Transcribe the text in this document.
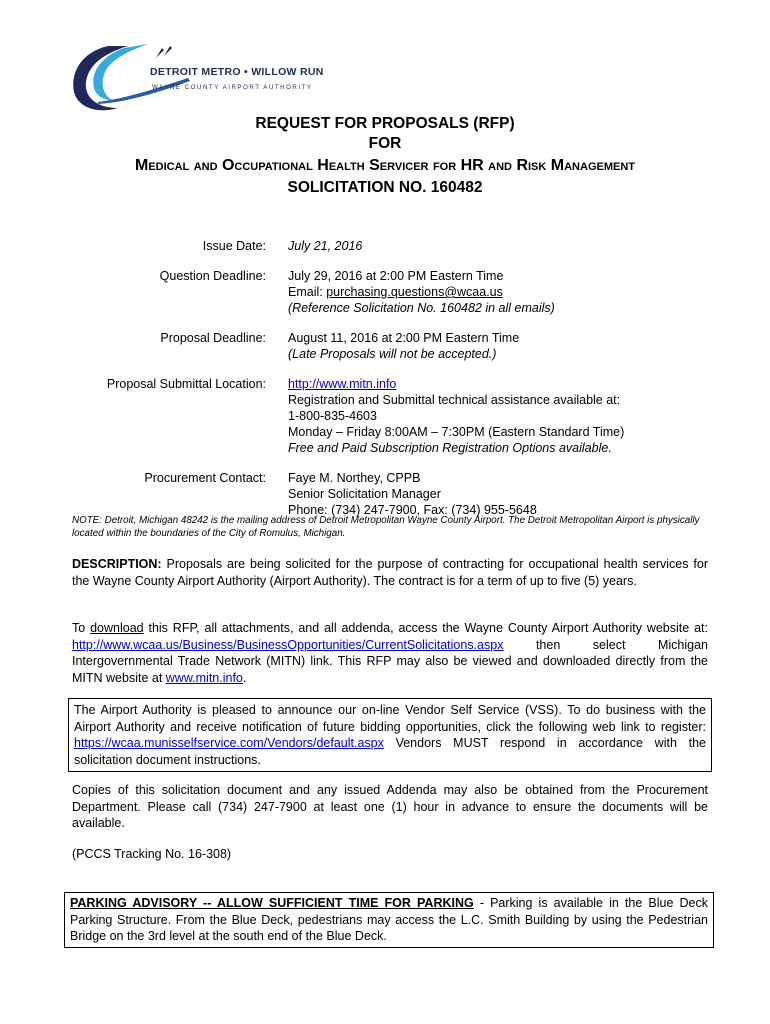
DETROIT METRO • WILLOW RUN
WAYNE COUNTY AIRPORT AUTHORITY
REQUEST FOR PROPOSALS (RFP)
FOR
Medical and Occupational Health Servicer for HR and Risk Management
SOLICITATION NO. 160482
Issue Date: July 21, 2016
Question Deadline: July 29, 2016 at 2:00 PM Eastern Time
Email: purchasing.questions@wcaa.us
(Reference Solicitation No. 160482 in all emails)
Proposal Deadline: August 11, 2016 at 2:00 PM Eastern Time
(Late Proposals will not be accepted.)
Proposal Submittal Location: http://www.mitn.info
Registration and Submittal technical assistance available at:
1-800-835-4603
Monday – Friday 8:00AM – 7:30PM (Eastern Standard Time)
Free and Paid Subscription Registration Options available.
Procurement Contact: Faye M. Northey, CPPB
Senior Solicitation Manager
Phone: (734) 247-7900, Fax: (734) 955-5648
NOTE: Detroit, Michigan 48242 is the mailing address of Detroit Metropolitan Wayne County Airport. The Detroit Metropolitan Airport is physically located within the boundaries of the City of Romulus, Michigan.
DESCRIPTION: Proposals are being solicited for the purpose of contracting for occupational health services for the Wayne County Airport Authority (Airport Authority). The contract is for a term of up to five (5) years.
To download this RFP, all attachments, and all addenda, access the Wayne County Airport Authority website at: http://www.wcaa.us/Business/BusinessOpportunities/CurrentSolicitations.aspx then select Michigan Intergovernmental Trade Network (MITN) link. This RFP may also be viewed and downloaded directly from the MITN website at www.mitn.info.
The Airport Authority is pleased to announce our on-line Vendor Self Service (VSS). To do business with the Airport Authority and receive notification of future bidding opportunities, click the following web link to register: https://wcaa.munisselfservice.com/Vendors/default.aspx Vendors MUST respond in accordance with the solicitation document instructions.
Copies of this solicitation document and any issued Addenda may also be obtained from the Procurement Department. Please call (734) 247-7900 at least one (1) hour in advance to ensure the documents will be available.
(PCCS Tracking No. 16-308)
PARKING ADVISORY -- ALLOW SUFFICIENT TIME FOR PARKING - Parking is available in the Blue Deck Parking Structure. From the Blue Deck, pedestrians may access the L.C. Smith Building by using the Pedestrian Bridge on the 3rd level at the south end of the Blue Deck.
